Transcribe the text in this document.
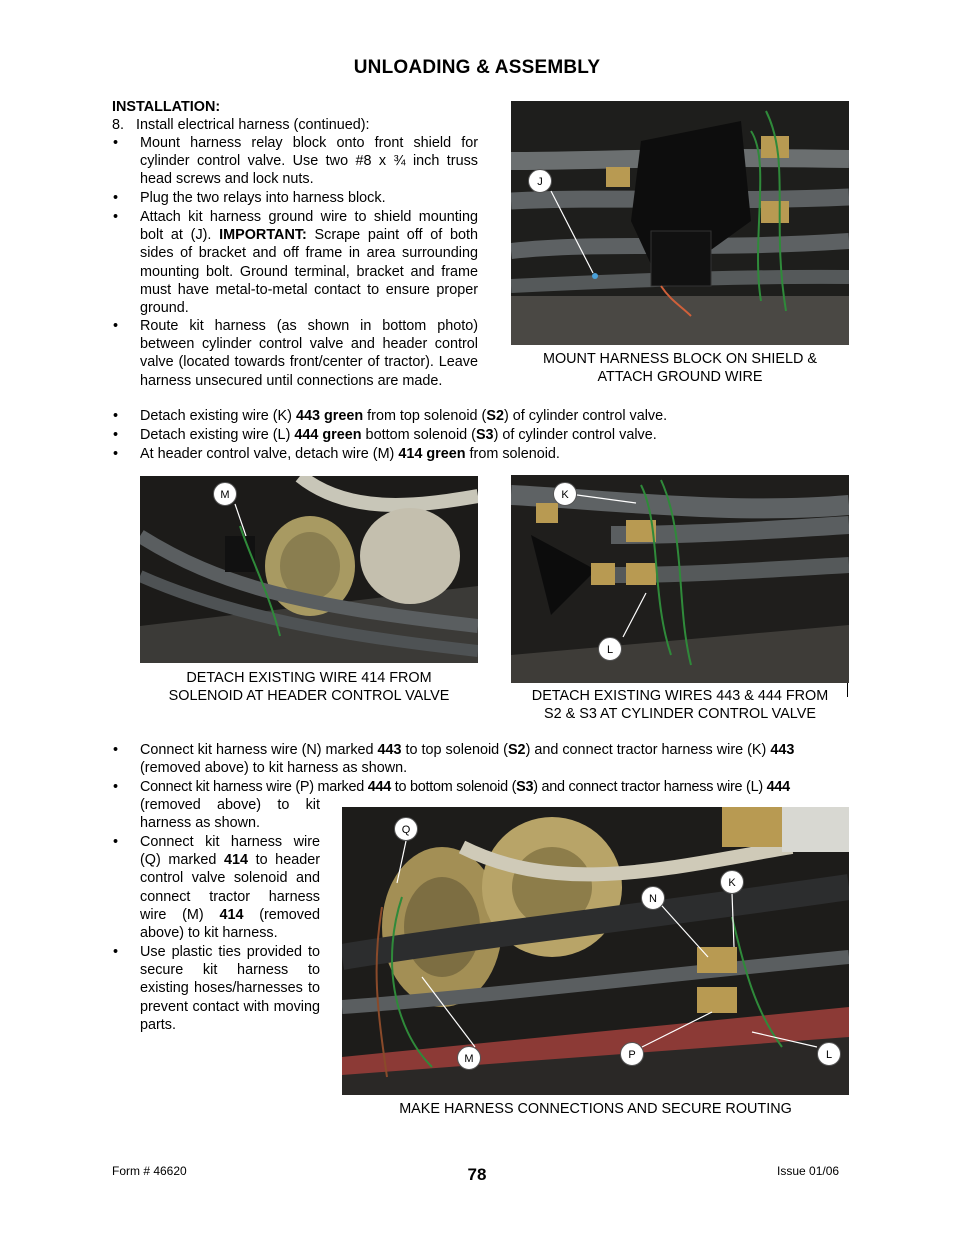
UNLOADING & ASSEMBLY
INSTALLATION:
8.   Install electrical harness (continued):
• Mount harness relay block onto front shield for cylinder control valve. Use two #8 x ¾ inch truss head screws and lock nuts.
• Plug the two relays into harness block.
• Attach kit harness ground wire to shield mounting bolt at (J). IMPORTANT: Scrape paint off of both sides of bracket and off frame in area surrounding mounting bolt. Ground terminal, bracket and frame must have metal-to-metal contact to ensure proper ground.
• Route kit harness (as shown in bottom photo) between cylinder control valve and header control valve (located towards front/center of tractor). Leave harness unsecured until connections are made.
J
MOUNT HARNESS BLOCK ON SHIELD &
ATTACH GROUND WIRE
• Detach existing wire (K) 443 green from top solenoid (S2) of cylinder control valve.
• Detach existing wire (L) 444 green bottom solenoid (S3) of cylinder control valve.
• At header control valve, detach wire (M) 414 green from solenoid.
M
DETACH EXISTING WIRE 414 FROM
SOLENOID AT HEADER CONTROL VALVE
K
L
DETACH EXISTING WIRES 443 & 444 FROM
S2 & S3 AT CYLINDER CONTROL VALVE
• Connect kit harness wire (N) marked 443 to top solenoid (S2) and connect tractor harness wire (K) 443
(removed above) to kit harness as shown.
• Connect kit harness wire (P) marked 444 to bottom solenoid (S3) and connect tractor harness wire (L) 444
(removed above) to kit harness as shown.
• Connect kit harness wire (Q) marked 414 to header control valve solenoid and connect tractor harness wire (M) 414 (removed above) to kit harness.
• Use plastic ties provided to secure kit harness to existing hoses/harnesses to prevent contact with moving parts.
Q
N
K
M	P	L
MAKE HARNESS CONNECTIONS AND SECURE ROUTING
Form # 46620	78	Issue 01/06
